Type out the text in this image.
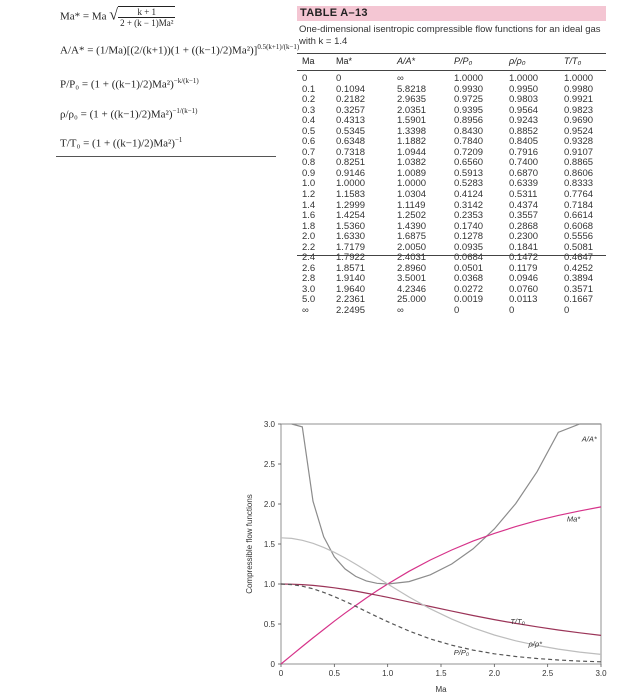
Ma* = Ma √ $\frac{k + 1}{\text{2 + (k − 1)Ma²}}$
$A/A* = (1/Ma)[(2/(k+1))(1 + ((k-1)/2)Ma^2)]^{0.5(k+1)/(k-1)}$
$P/P_0 = (1 + ((k-1)/2)Ma^2)^{-k/(k-1)}$
$\rho/\rho_0 = (1 + ((k-1)/2)Ma^2)^{-1/(k-1)}$
$T/T_0 = (1 + ((k-1)/2)Ma^2)^{-1}$
TABLE A–13
One-dimensional isentropic compressible flow functions for an ideal gas with k = 1.4
Ma Ma*	A/A*	P/P₀	ρ/ρ₀	T/T₀
0	0	∞	1.0000	1.0000	1.0000
0.1 0.1094	5.8218	0.9930	0.9950	0.9980
0.2 0.2182	2.9635	0.9725	0.9803	0.9921
0.3 0.3257	2.0351	0.9395	0.9564	0.9823
0.4 0.4313	1.5901	0.8956	0.9243	0.9690
0.5 0.5345	1.3398	0.8430	0.8852	0.9524
0.6 0.6348	1.1882	0.7840	0.8405	0.9328
0.7 0.7318	1.0944	0.7209	0.7916	0.9107
0.8 0.8251	1.0382	0.6560	0.7400	0.8865
0.9 0.9146	1.0089	0.5913	0.6870	0.8606
1.0 1.0000	1.0000	0.5283	0.6339	0.8333
1.2 1.1583	1.0304	0.4124	0.5311	0.7764
1.4 1.2999	1.1149	0.3142	0.4374	0.7184
1.6 1.4254	1.2502	0.2353	0.3557	0.6614
1.8 1.5360	1.4390	0.1740	0.2868	0.6068
2.0 1.6330	1.6875	0.1278	0.2300	0.5556
2.2 1.7179	2.0050	0.0935	0.1841	0.5081
2.4 1.7922	2.4031	0.0684	0.1472	0.4647
2.6 1.8571	2.8960	0.0501	0.1179	0.4252
2.8 1.9140	3.5001	0.0368	0.0946	0.3894
3.0 1.9640	4.2346	0.0272	0.0760	0.3571
5.0 2.2361	25.000	0.0019	0.0113	0.1667
∞	2.2495	∞	0	0	0
0	0.5	1.0	1.5	2.0	2.5	3.0
0
0.5
1.0
1.5
2.0
2.5
3.0
A/A*
Ma*
T/T₀
ρ/ρ*
P/P₀
Ma
Compressible flow functions
